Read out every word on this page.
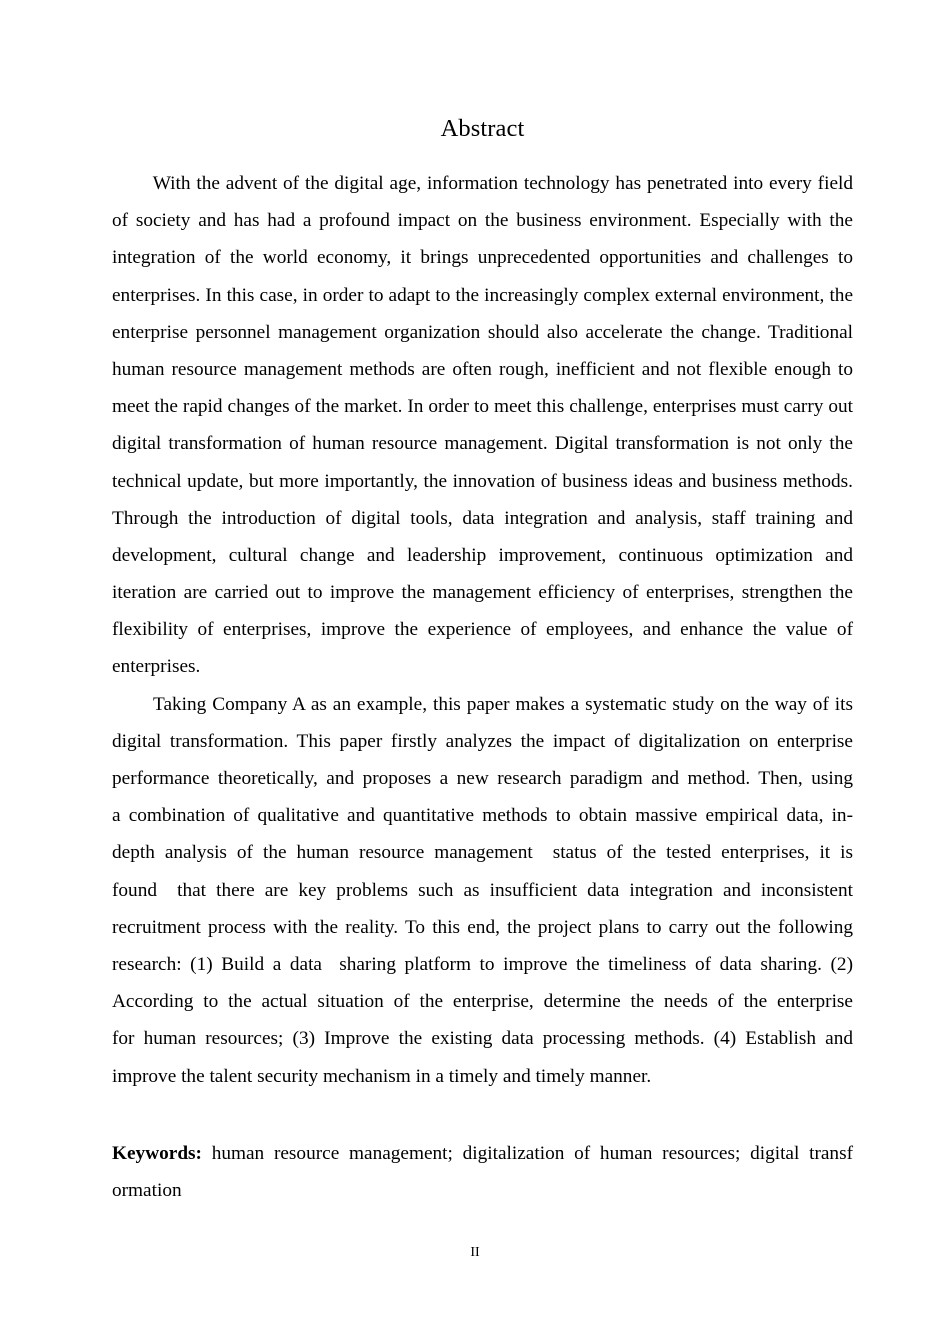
Abstract
With the advent of the digital age, information technology has penetrated into every field
of society and has had a profound impact on the business environment. Especially with the
integration of the world economy, it brings unprecedented opportunities and challenges to
enterprises. In this case, in order to adapt to the increasingly complex external environment, the
enterprise personnel management organization should also accelerate the change. Traditional
human resource management methods are often rough, inefficient and not flexible enough to
meet the rapid changes of the market. In order to meet this challenge, enterprises must carry out
digital transformation of human resource management. Digital transformation is not only the
technical update, but more importantly, the innovation of business ideas and business methods.
Through the introduction of digital tools, data integration and analysis, staff training and
development, cultural change and leadership improvement, continuous optimization and
iteration are carried out to improve the management efficiency of enterprises, strengthen the
flexibility of enterprises, improve the experience of employees, and enhance the value of
enterprises.
Taking Company A as an example, this paper makes a systematic study on the way of its
digital transformation. This paper firstly analyzes the impact of digitalization on enterprise
performance theoretically, and proposes a new research paradigm and method. Then, using
a combination of qualitative and quantitative methods to obtain massive empirical data, in-
depth analysis of the human resource management  status of the tested enterprises, it is
found  that there are key problems such as insufficient data integration and inconsistent
recruitment process with the reality. To this end, the project plans to carry out the following
research: (1) Build a data  sharing platform to improve the timeliness of data sharing. (2)
According to the actual situation of the enterprise, determine the needs of the enterprise
for human resources; (3) Improve the existing data processing methods. (4) Establish and
improve the talent security mechanism in a timely and timely manner.
Keywords: human resource management; digitalization of human resources; digital transf
ormation
II
